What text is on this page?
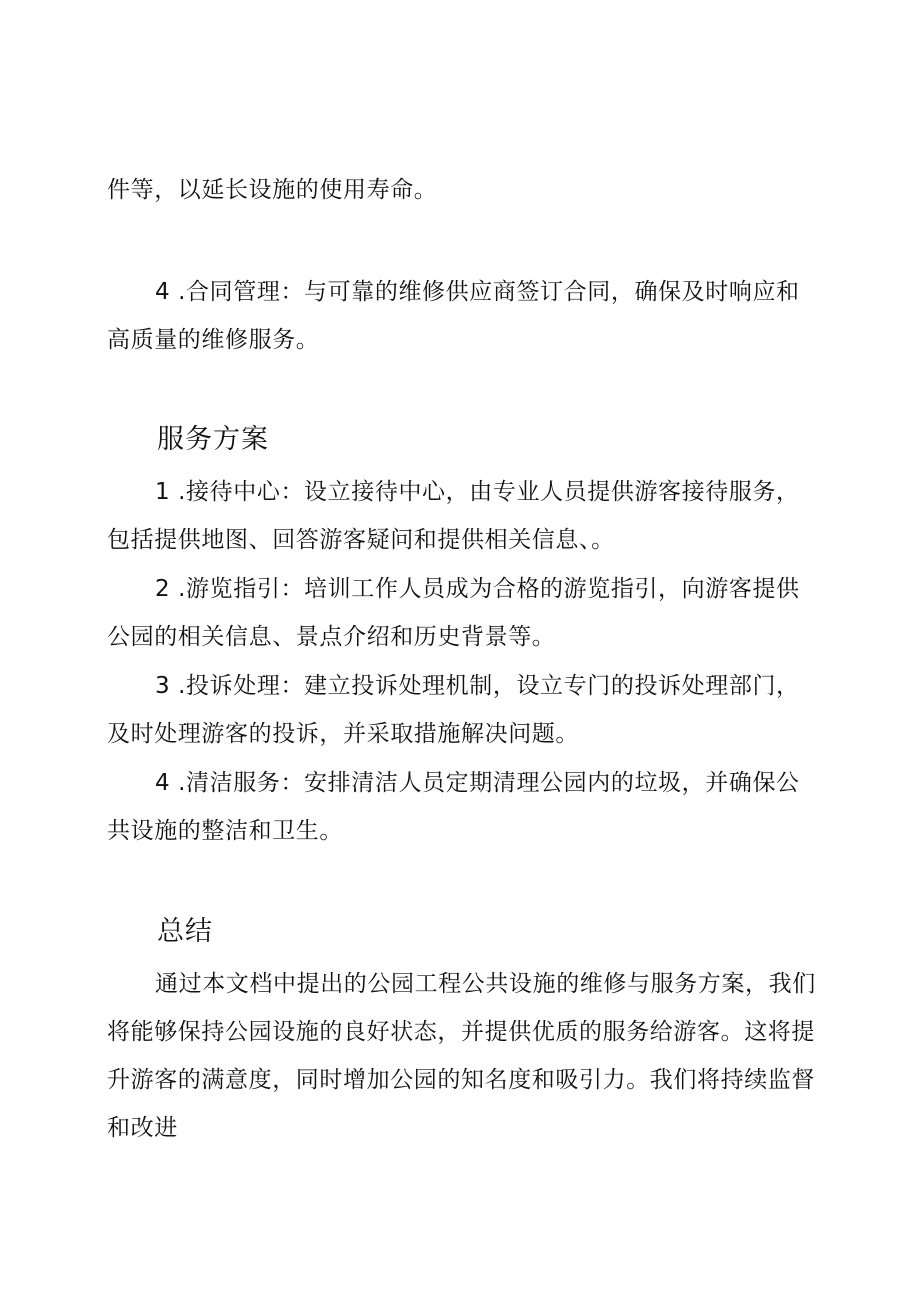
件等，以延长设施的使用寿命。

4 .合同管理：与可靠的维修供应商签订合同，确保及时响应和高质量的维修服务。

服务方案

1 .接待中心：设立接待中心，由专业人员提供游客接待服务，包括提供地图、回答游客疑问和提供相关信息、。

2 .游览指引：培训工作人员成为合格的游览指引，向游客提供公园的相关信息、景点介绍和历史背景等。

3 .投诉处理：建立投诉处理机制，设立专门的投诉处理部门，及时处理游客的投诉，并采取措施解决问题。

4 .清洁服务：安排清洁人员定期清理公园内的垃圾，并确保公共设施的整洁和卫生。

总结

通过本文档中提出的公园工程公共设施的维修与服务方案，我们将能够保持公园设施的良好状态，并提供优质的服务给游客。这将提升游客的满意度，同时增加公园的知名度和吸引力。我们将持续监督和改进
